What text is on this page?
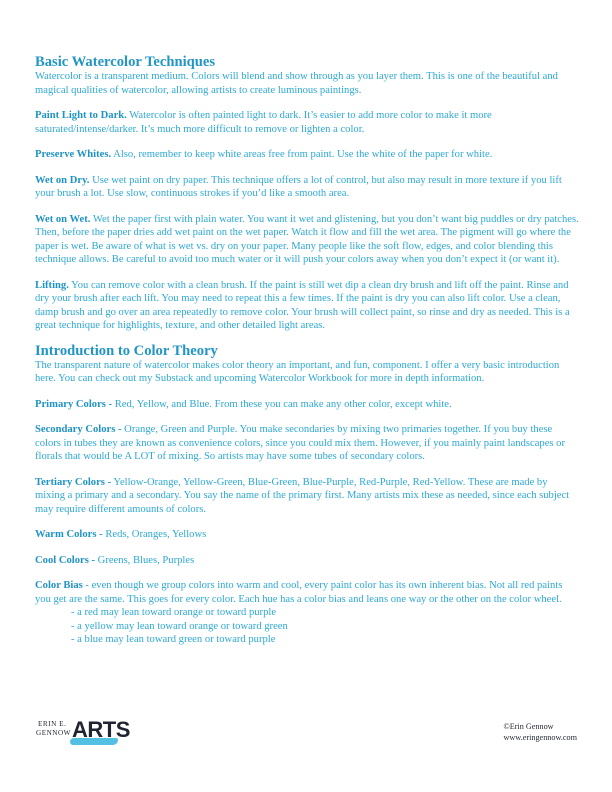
Basic Watercolor Techniques

Watercolor is a transparent medium. Colors will blend and show through as you layer them. This is one of the beautiful and magical qualities of watercolor, allowing artists to create luminous paintings.

Paint Light to Dark. Watercolor is often painted light to dark. It’s easier to add more color to make it more saturated/intense/darker. It’s much more difficult to remove or lighten a color.

Preserve Whites. Also, remember to keep white areas free from paint. Use the white of the paper for white.

Wet on Dry. Use wet paint on dry paper. This technique offers a lot of control, but also may result in more texture if you lift your brush a lot. Use slow, continuous strokes if you’d like a smooth area.

Wet on Wet. Wet the paper first with plain water. You want it wet and glistening, but you don’t want big puddles or dry patches. Then, before the paper dries add wet paint on the wet paper. Watch it flow and fill the wet area. The pigment will go where the paper is wet. Be aware of what is wet vs. dry on your paper. Many people like the soft flow, edges, and color blending this technique allows. Be careful to avoid too much water or it will push your colors away when you don’t expect it (or want it).

Lifting. You can remove color with a clean brush. If the paint is still wet dip a clean dry brush and lift off the paint. Rinse and dry your brush after each lift. You may need to repeat this a few times. If the paint is dry you can also lift color. Use a clean, damp brush and go over an area repeatedly to remove color. Your brush will collect paint, so rinse and dry as needed. This is a great technique for highlights, texture, and other detailed light areas.

Introduction to Color Theory

The transparent nature of watercolor makes color theory an important, and fun, component. I offer a very basic introduction here. You can check out my Substack and upcoming Watercolor Workbook for more in depth information.

Primary Colors - Red, Yellow, and Blue. From these you can make any other color, except white.

Secondary Colors - Orange, Green and Purple. You make secondaries by mixing two primaries together. If you buy these colors in tubes they are known as convenience colors, since you could mix them. However, if you mainly paint landscapes or florals that would be A LOT of mixing. So artists may have some tubes of secondary colors.

Tertiary Colors - Yellow-Orange, Yellow-Green, Blue-Green, Blue-Purple, Red-Purple, Red-Yellow. These are made by mixing a primary and a secondary. You say the name of the primary first. Many artists mix these as needed, since each subject may require different amounts of colors.

Warm Colors - Reds, Oranges, Yellows

Cool Colors - Greens, Blues, Purples

Color Bias - even though we group colors into warm and cool, every paint color has its own inherent bias. Not all red paints you get are the same. This goes for every color. Each hue has a color bias and leans one way or the other on the color wheel.

- a red may lean toward orange or toward purple
- a yellow may lean toward orange or toward green
- a blue may lean toward green or toward purple
ERIN E.
GENNOW ARTS	©Erin Gennow
www.eringennow.com
